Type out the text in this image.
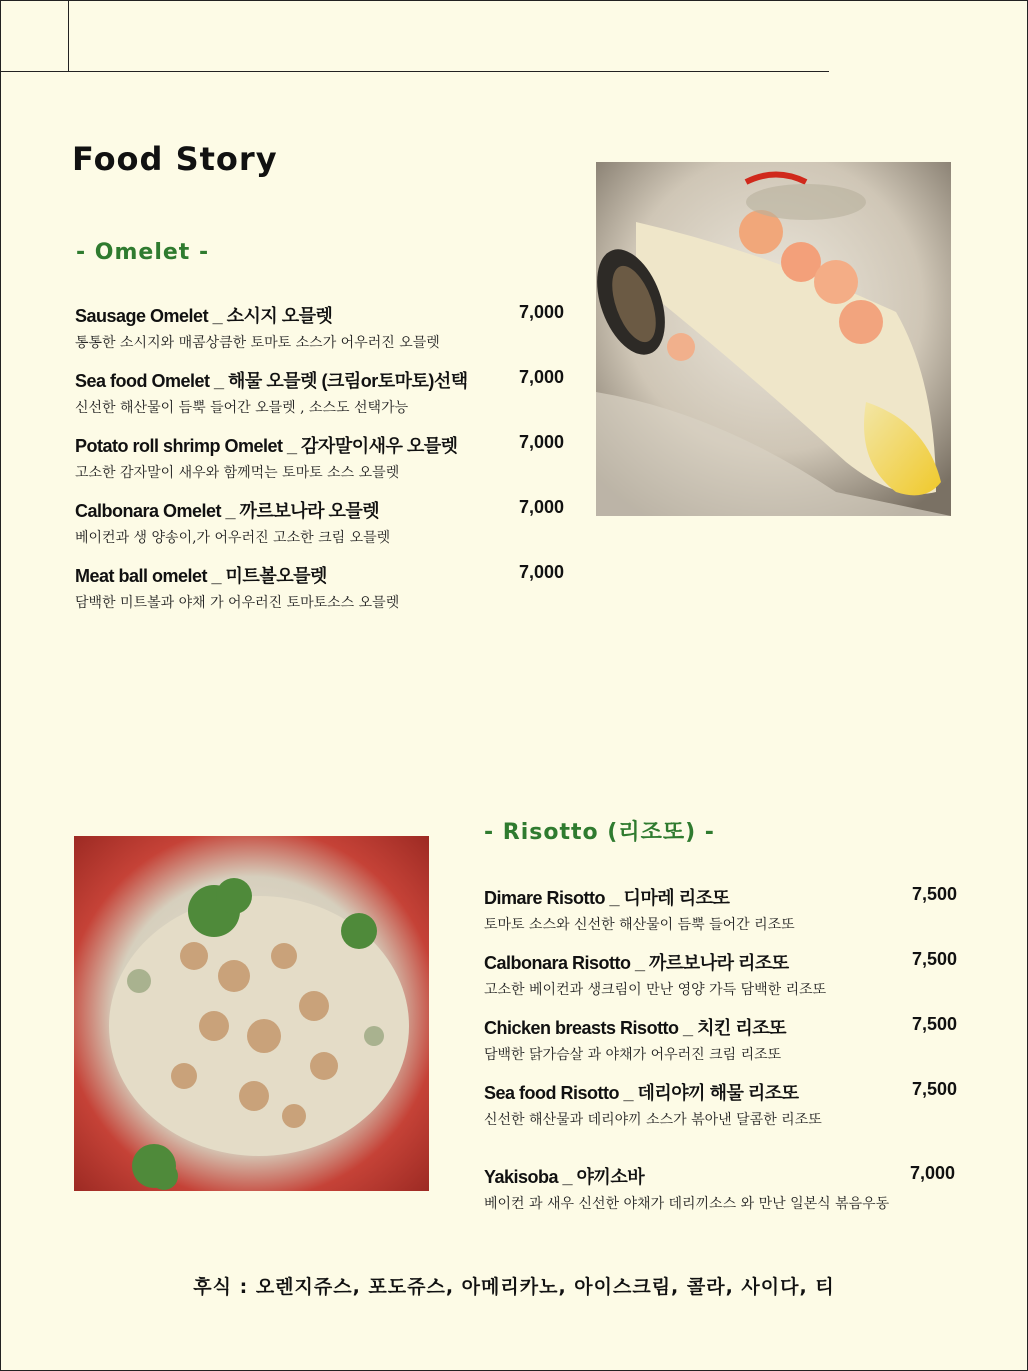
Food Story
- Omelet -
Sausage Omelet _ 소시지 오믈렛	7,000
통통한 소시지와 매콤상큼한 토마토 소스가 어우러진 오믈렛
Sea food Omelet _ 해물 오믈렛 (크림or토마토)선택	7,000
신선한 해산물이 듬뿍 들어간 오믈렛 , 소스도 선택가능
Potato roll shrimp Omelet _ 감자말이새우 오믈렛	7,000
고소한 감자말이 새우와 함께먹는 토마토 소스 오믈렛
Calbonara Omelet _ 까르보나라 오믈렛	7,000
베이컨과 생 양송이,가 어우러진 고소한 크림 오믈렛
Meat ball omelet _ 미트볼오믈렛	7,000
담백한 미트볼과 야채 가 어우러진 토마토소스 오믈렛
- Risotto (리조또) -
Dimare Risotto _ 디마레 리조또	7,500
토마토 소스와 신선한 해산물이 듬뿍 들어간 리조또
Calbonara Risotto _ 까르보나라 리조또	7,500
고소한 베이컨과 생크림이 만난 영양 가득 담백한 리조또
Chicken breasts Risotto _ 치킨 리조또	7,500
담백한 닭가슴살 과 야채가 어우러진 크림 리조또
Sea food Risotto _ 데리야끼 해물 리조또	7,500
신선한 해산물과 데리야끼 소스가 볶아낸 달콤한 리조또
Yakisoba _ 야끼소바	7,000
베이컨 과 새우 신선한 야채가 데리끼소스 와 만난 일본식 볶음우동
후식 : 오렌지쥬스, 포도쥬스, 아메리카노, 아이스크림, 콜라, 사이다, 티
